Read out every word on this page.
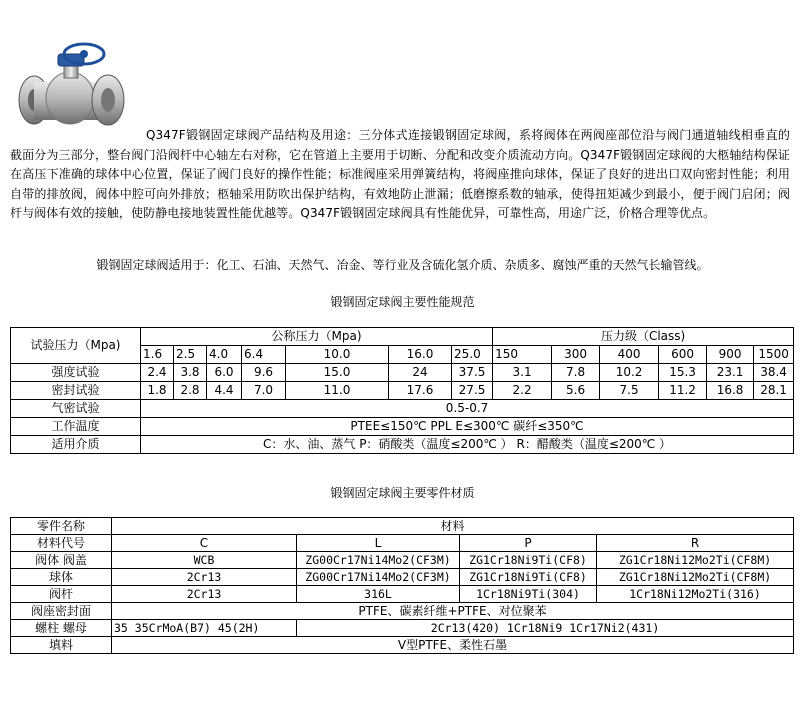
Q347F锻钢固定球阀产品结构及用途：三分体式连接锻钢固定球阀，系将阀体在两阀座部位沿与阀门通道轴线相垂直的截面分为三部分，整台阀门沿阀杆中心轴左右对称，它在管道上主要用于切断、分配和改变介质流动方向。Q347F锻钢固定球阀的大柩轴结构保证在高压下准确的球体中心位置，保证了阀门良好的操作性能；标准阀座采用弹簧结构，将阀座推向球体，保证了良好的进出口双向密封性能；利用自带的排放阀，阀体中腔可向外排放；柩轴采用防吹出保护结构，有效地防止泄漏；低磨擦系数的轴承，使得扭矩减少到最小，便于阀门启闭；阀杆与阀体有效的接触，使防静电接地装置性能优越等。Q347F锻钢固定球阀具有性能优异，可靠性高，用途广泛，价格合理等优点。
锻钢固定球阀适用于：化工、石油、天然气、冶金、等行业及含硫化氢介质、杂质多、腐蚀严重的天然气长输管线。
锻钢固定球阀主要性能规范
试验压力（Mpa)	公称压力（Mpa)							压力级（Class)					
	1.6	2.5	4.0	6.4	10.0	16.0	25.0	150	300	400	600	900	1500
强度试验	2.4	3.8	6.0	9.6	15.0	24	37.5	3.1	7.8	10.2	15.3	23.1	38.4
密封试验	1.8	2.8	4.4	7.0	11.0	17.6	27.5	2.2	5.6	7.5	11.2	16.8	28.1
气密试验	0.5-0.7												
工作温度	PTEE≤150℃ PPL E≤300℃ 碳纤≤350℃												
适用介质	C：水、油、蒸气 P：硝酸类（温度≤200℃ ） R：醋酸类（温度≤200℃ ）												
锻钢固定球阀主要零件材质
零件名称	材料			
材料代号	C	L	P	R
阀体 阀盖	WCB	ZG00Cr17Ni14Mo2(CF3M)	ZG1Cr18Ni9Ti(CF8)	ZG1Cr18Ni12Mo2Ti(CF8M)
球体	2Cr13	ZG00Cr17Ni14Mo2(CF3M)	ZG1Cr18Ni9Ti(CF8)	ZG1Cr18Ni12Mo2Ti(CF8M)
阀杆	2Cr13	316L	1Cr18Ni9Ti(304)	1Cr18Ni12Mo2Ti(316)
阀座密封面	PTFE、碳素纤维+PTFE、对位聚苯			
螺柱 螺母	35 35CrMoA(B7) 45(2H)	2Cr13(420) 1Cr18Ni9 1Cr17Ni2(431)		
填料	V型PTFE、柔性石墨			
